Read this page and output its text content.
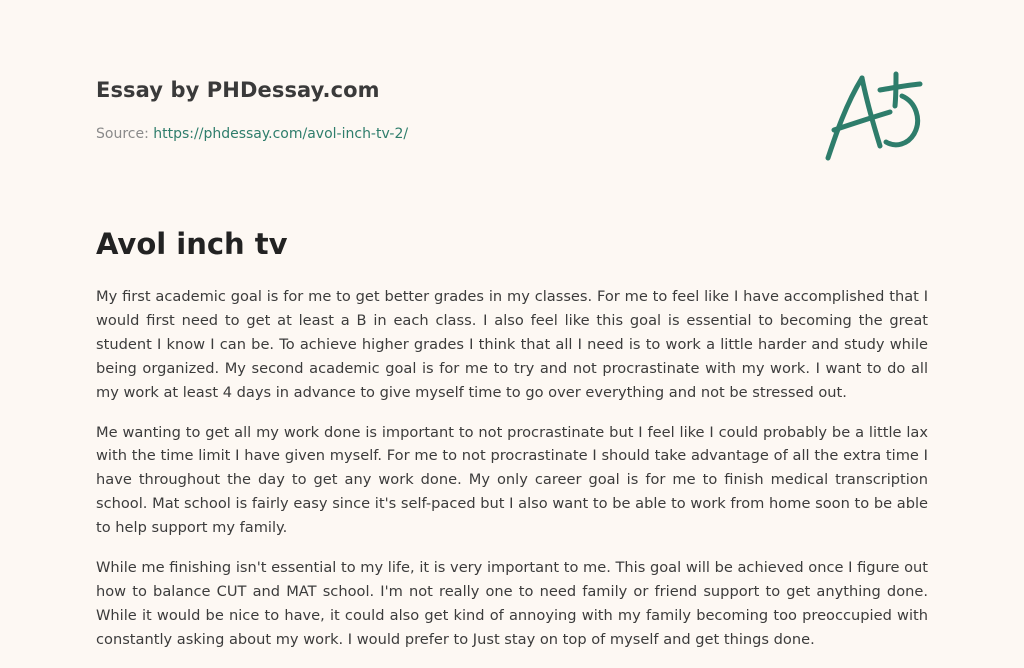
Essay by PHDessay.com
Source: https://phdessay.com/avol-inch-tv-2/
Avol inch tv

My first academic goal is for me to get better grades in my classes. For me to feel like I have accomplished that I would first need to get at least a B in each class. I also feel like this goal is essential to becoming the great student I know I can be. To achieve higher grades I think that all I need is to work a little harder and study while being organized. My second academic goal is for me to try and not procrastinate with my work. I want to do all my work at least 4 days in advance to give myself time to go over everything and not be stressed out.

Me wanting to get all my work done is important to not procrastinate but I feel like I could probably be a little lax with the time limit I have given myself. For me to not procrastinate I should take advantage of all the extra time I have throughout the day to get any work done. My only career goal is for me to finish medical transcription school. Mat school is fairly easy since it's self-paced but I also want to be able to work from home soon to be able to help support my family.

While me finishing isn't essential to my life, it is very important to me. This goal will be achieved once I figure out how to balance CUT and MAT school. I'm not really one to need family or friend support to get anything done. While it would be nice to have, it could also get kind of annoying with my family becoming too preoccupied with constantly asking about my work. I would prefer to Just stay on top of myself and get things done.
